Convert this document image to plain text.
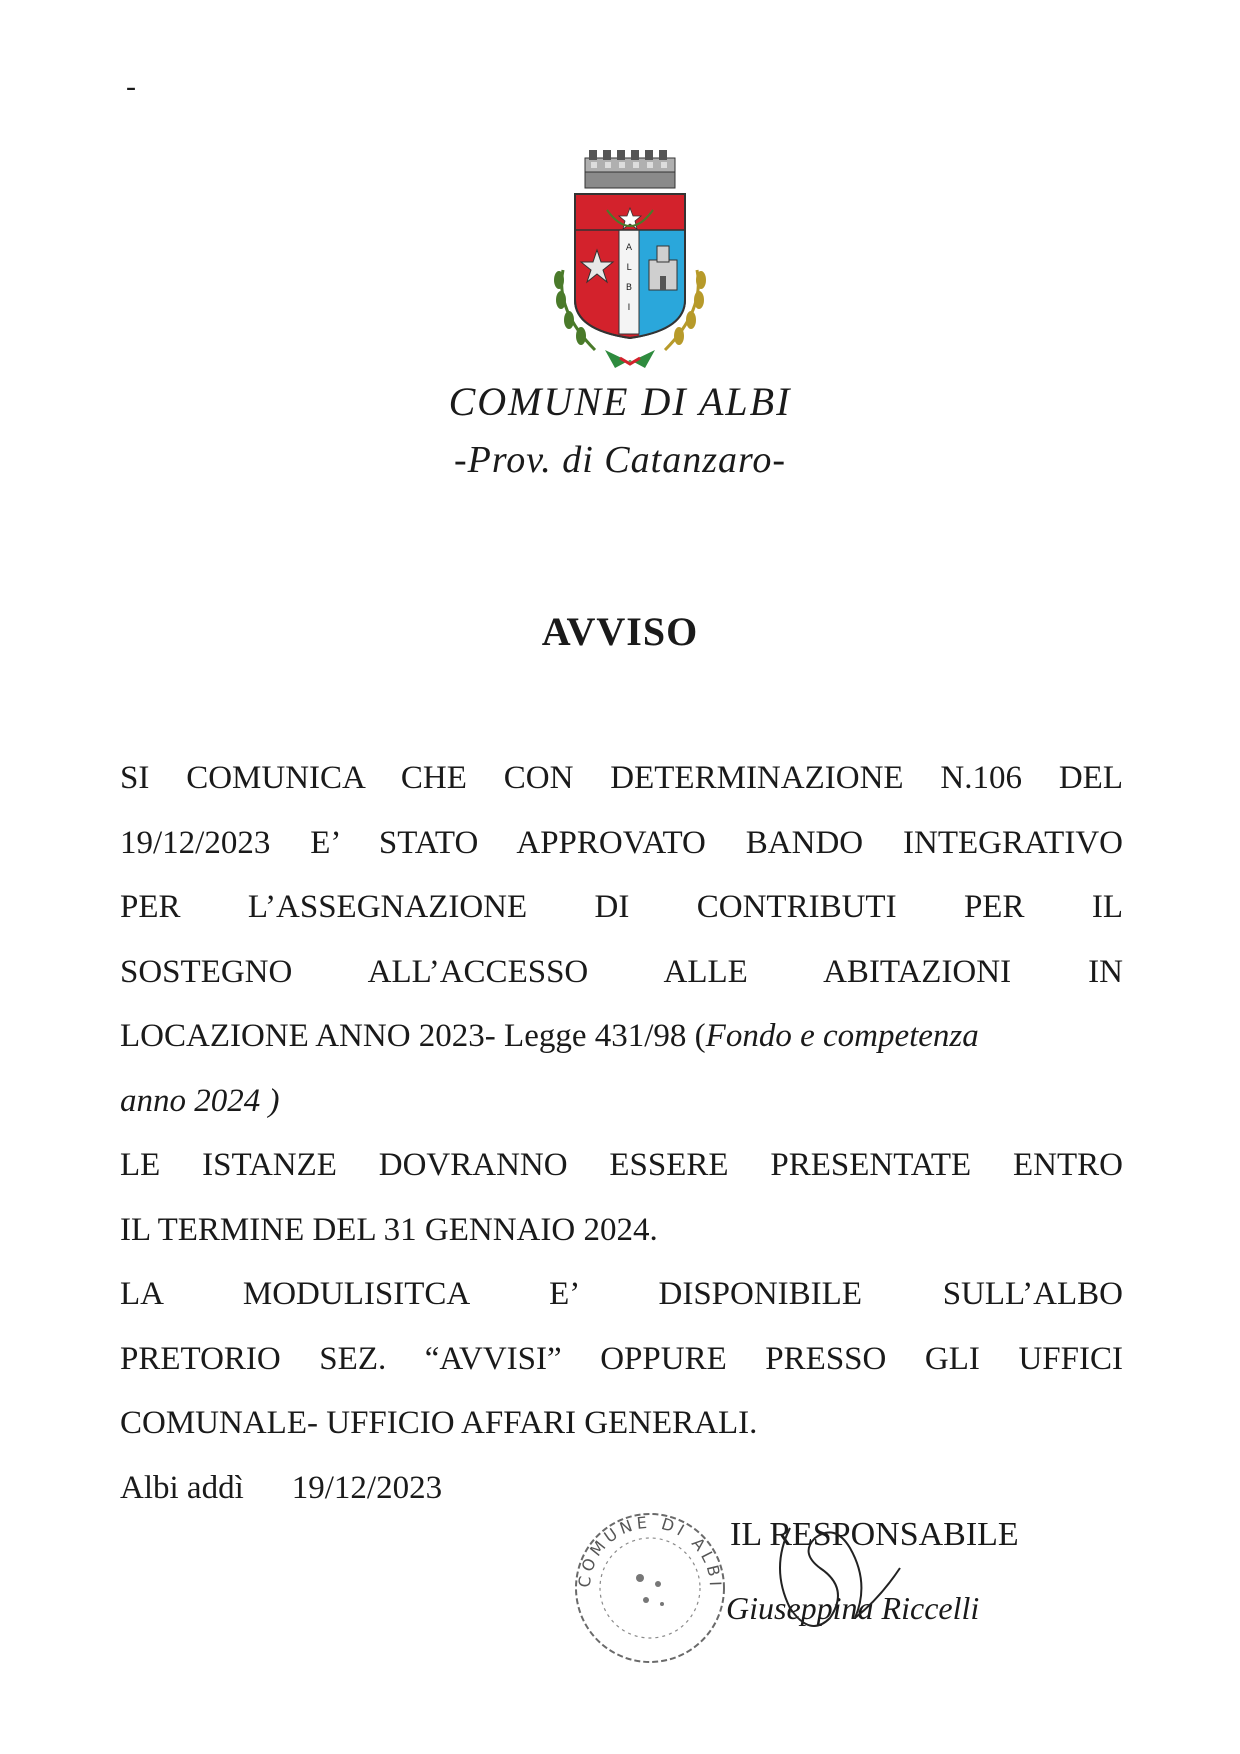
-
A
L
B
I
COMUNE DI ALBI
-Prov. di Catanzaro-
AVVISO
SI COMUNICA CHE CON DETERMINAZIONE N.106 DEL
19/12/2023 E’ STATO APPROVATO BANDO INTEGRATIVO
PER L’ASSEGNAZIONE DI CONTRIBUTI PER IL
SOSTEGNO ALL’ACCESSO ALLE ABITAZIONI IN
LOCAZIONE ANNO 2023- Legge 431/98 (Fondo e competenza
anno 2024 )
LE ISTANZE DOVRANNO ESSERE PRESENTATE ENTRO
IL TERMINE DEL 31 GENNAIO 2024.
LA MODULISITCA E’ DISPONIBILE SULL’ALBO
PRETORIO SEZ. “AVVISI” OPPURE PRESSO GLI UFFICI
COMUNALE- UFFICIO AFFARI GENERALI.
Albi addì 19/12/2023
COMUNE DI ALBI
IL RESPONSABILE
Giuseppina Riccelli
